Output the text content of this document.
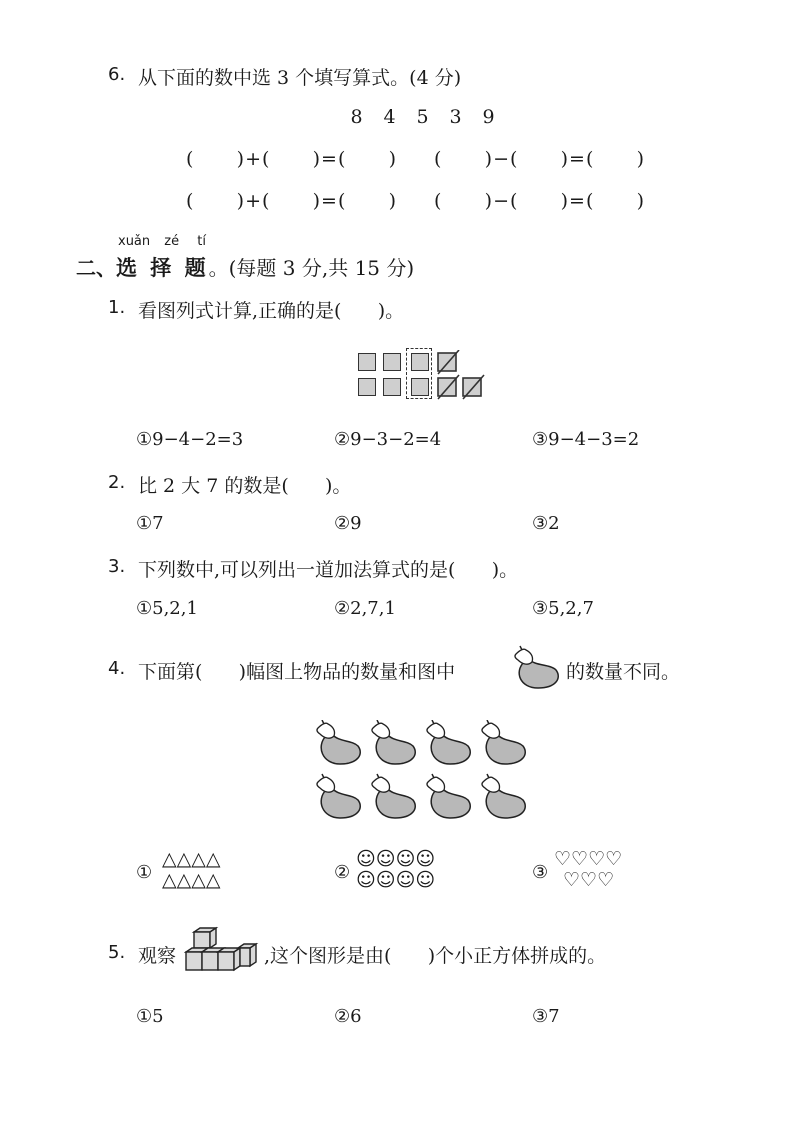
6. 从下面的数中选 3 个填写算式。(4 分)
8 4 5 3 9
(      )+(      )=(      ) (      )−(      )=(      )
(      )+(      )=(      ) (      )−(      )=(      )
xuǎn zé tí
二、选 择 题。(每题 3 分,共 15 分)
1. 看图列式计算,正确的是(      )。
①9−4−2=3	②9−3−2=4	③9−4−3=2
2. 比 2 大 7 的数是(      )。
①7	②9	③2
3. 下列数中,可以列出一道加法算式的是(      )。
①5,2,1	②2,7,1	③5,2,7
4. 下面第(      )幅图上物品的数量和图中	的数量不同。
①
△△△△
△△△△	②
☺☺☺☺
☺☺☺☺	③
♡♡♡♡
♡♡♡
5. 观察	,这个图形是由(      )个小正方体拼成的。
①5	②6	③7
